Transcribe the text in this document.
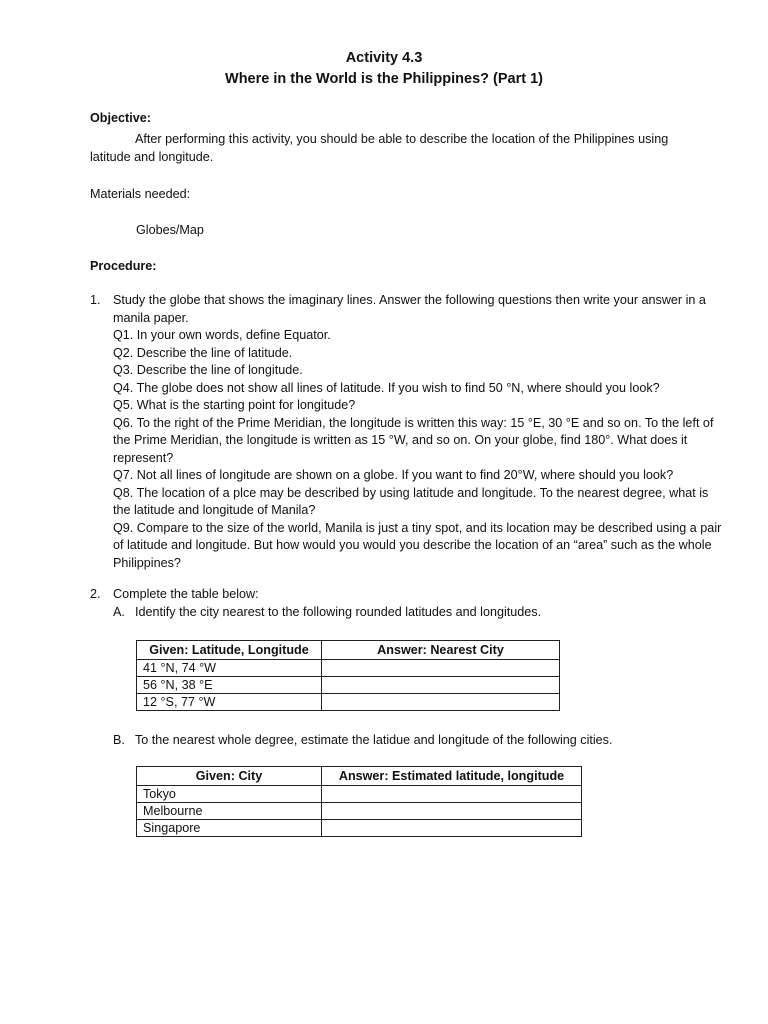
Activity 4.3
Where in the World is the Philippines? (Part 1)
Objective:
After performing this activity, you should be able to describe the location of the Philippines using latitude and longitude.
Materials needed:
Globes/Map
Procedure:
1. Study the globe that shows the imaginary lines. Answer the following questions then write your answer in a manila paper.

Q1. In your own words, define Equator.

Q2. Describe the line of latitude.

Q3. Describe the line of longitude.

Q4. The globe does not show all lines of latitude. If you wish to find 50 °N, where should you look?

Q5. What is the starting point for longitude?

Q6. To the right of the Prime Meridian, the longitude is written this way: 15 °E, 30 °E and so on. To the left of the Prime Meridian, the longitude is written as 15 °W, and so on. On your globe, find 180°. What does it represent?

Q7. Not all lines of longitude are shown on a globe. If you want to find 20°W, where should you look?

Q8. The location of a plce may be described by using latitude and longitude. To the nearest degree, what is the latitude and longitude of Manila?

Q9. Compare to the size of the world, Manila is just a tiny spot, and its location may be described using a pair of latitude and longitude. But how would you would you describe the location of an “area” such as the whole Philippines?

2. Complete the table below:
A. Identify the city nearest to the following rounded latitudes and longitudes.
Given: Latitude, Longitude	Answer: Nearest City
41 °N, 74 °W	
56 °N, 38 °E	
12 °S, 77 °W	
B. To the nearest whole degree, estimate the latidue and longitude of the following cities.
Given: City	Answer: Estimated latitude, longitude
Tokyo	
Melbourne	
Singapore	
